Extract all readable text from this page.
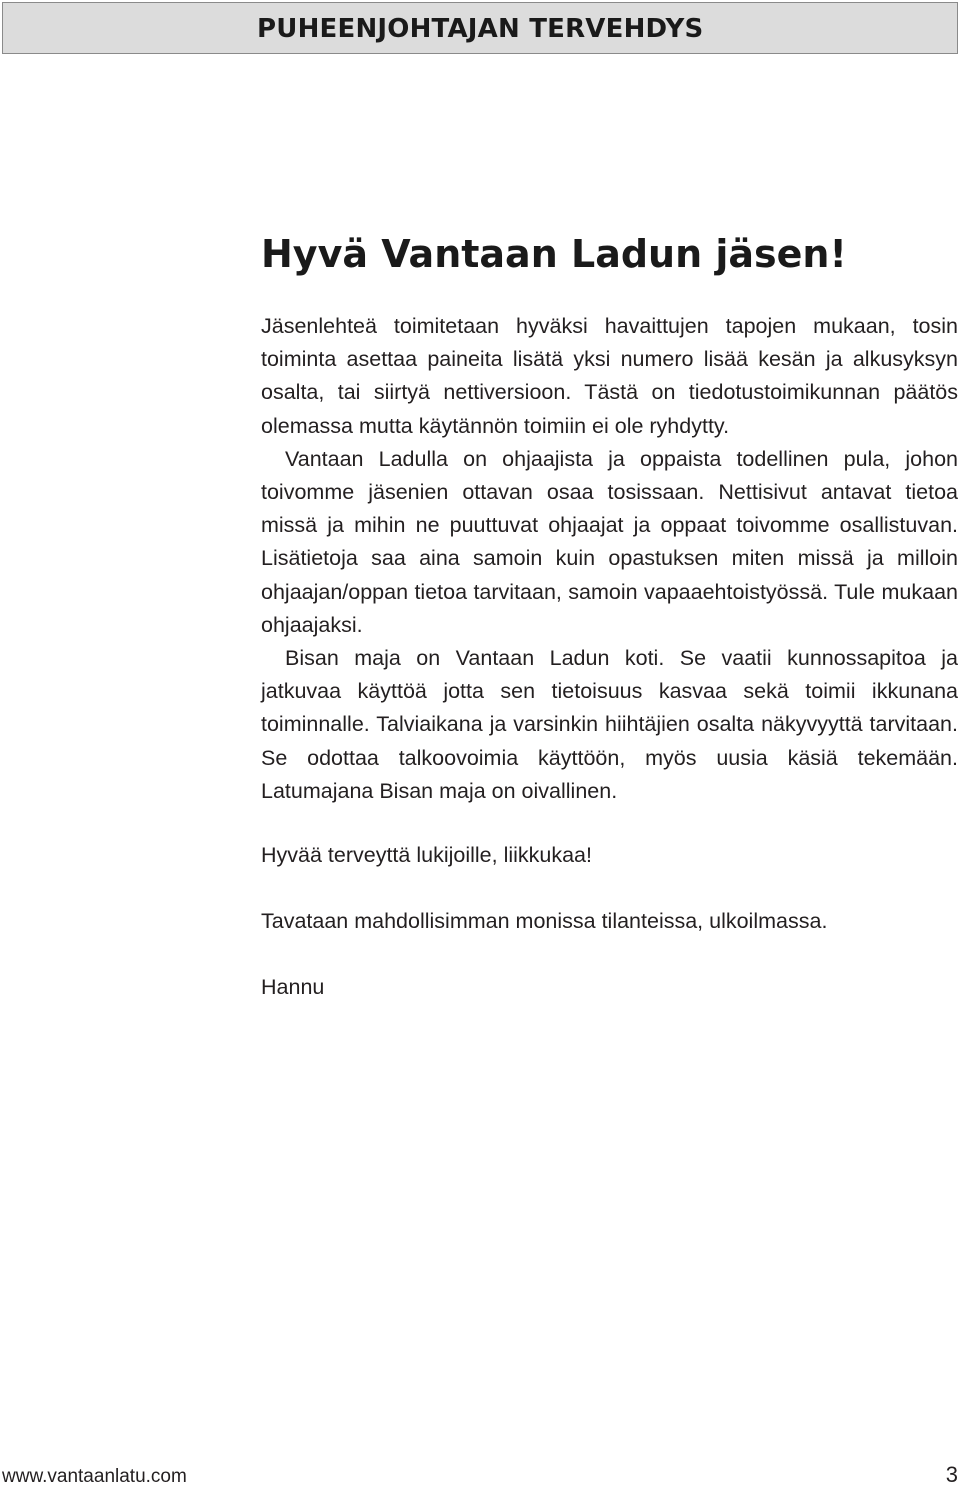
PUHEENJOHTAJAN TERVEHDYS
Hyvä Vantaan Ladun jäsen!

Jäsenlehteä toimitetaan hyväksi havaittujen tapojen mukaan, tosin toiminta asettaa paineita lisätä yksi numero lisää kesän ja alkusyksyn osalta, tai siirtyä nettiversioon. Tästä on tiedotustoimikunnan päätös olemassa mutta käytännön toimiin ei ole ryhdytty.

Vantaan Ladulla on ohjaajista ja oppaista todellinen pula, johon toivomme jäsenien ottavan osaa tosissaan. Nettisivut antavat tietoa missä ja mihin ne puuttuvat ohjaajat ja oppaat toivomme osallistuvan. Lisätietoja saa aina samoin kuin opastuksen miten missä ja milloin ohjaajan/oppan tietoa tarvitaan, samoin vapaaehtoistyössä. Tule mukaan ohjaajaksi.

Bisan maja on Vantaan Ladun koti. Se vaatii kunnossapitoa ja jatkuvaa käyttöä jotta sen tietoisuus kasvaa sekä toimii ikkunana toiminnalle. Talviaikana ja varsinkin hiihtäjien osalta näkyvyyttä tarvitaan. Se odottaa talkoovoimia käyttöön, myös uusia käsiä tekemään. Latumajana Bisan maja on oivallinen.

Hyvää terveyttä lukijoille, liikkukaa!

Tavataan mahdollisimman monissa tilanteissa, ulkoilmassa.

Hannu

www.vantaanlatu.com	3
